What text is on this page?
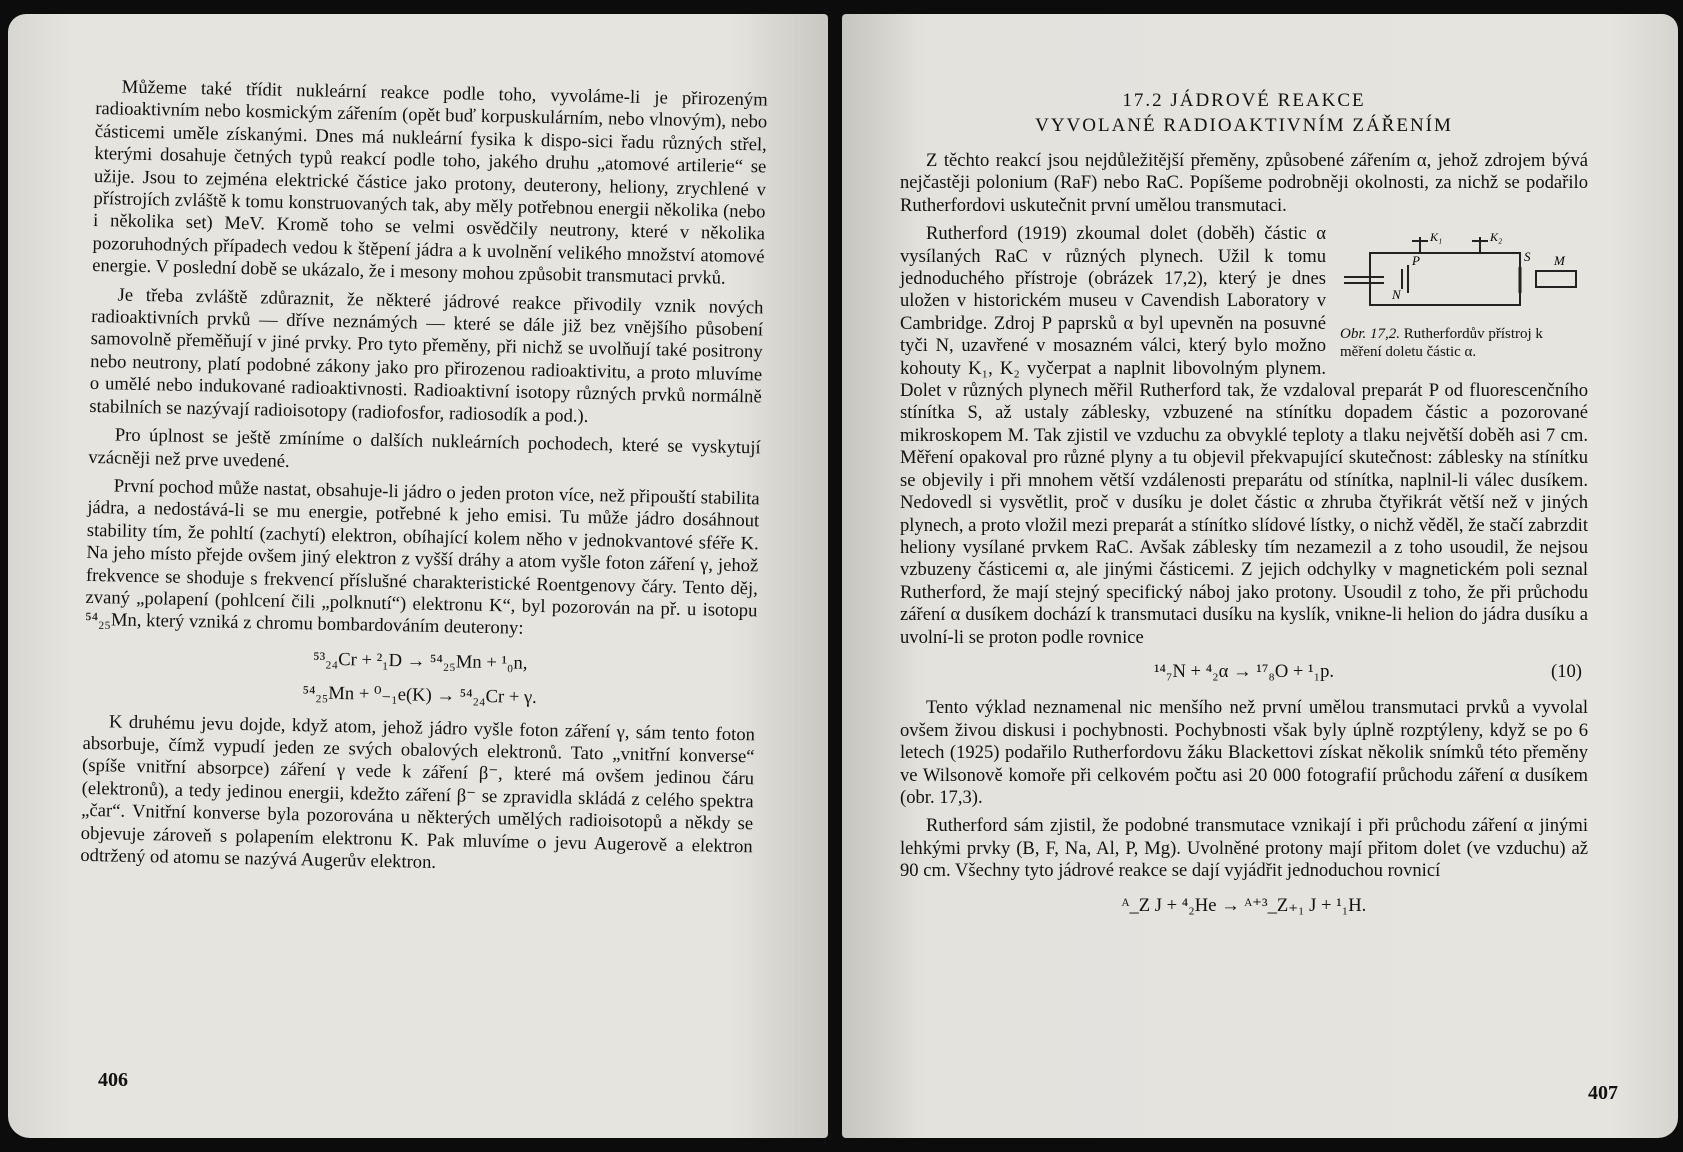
Můžeme také třídit nukleární reakce podle toho, vyvoláme-li je přirozeným radioaktivním nebo kosmickým zářením (opět buď korpuskulárním, nebo vlnovým), nebo částicemi uměle získanými. Dnes má nukleární fysika k dispo-sici řadu různých střel, kterými dosahuje četných typů reakcí podle toho, jakého druhu „atomové artilerie“ se užije. Jsou to zejména elektrické částice jako protony, deuterony, heliony, zrychlené v přístrojích zvláště k tomu konstruovaných tak, aby měly potřebnou energii několika (nebo i několika set) MeV. Kromě toho se velmi osvědčily neutrony, které v několika pozoruhodných případech vedou k štěpení jádra a k uvolnění velikého množství atomové energie. V poslední době se ukázalo, že i mesony mohou způsobit transmutaci prvků.

Je třeba zvláště zdůraznit, že některé jádrové reakce přivodily vznik nových radioaktivních prvků — dříve neznámých — které se dále již bez vnějšího působení samovolně přeměňují v jiné prvky. Pro tyto přeměny, při nichž se uvolňují také positrony nebo neutrony, platí podobné zákony jako pro přirozenou radioaktivitu, a proto mluvíme o umělé nebo indukované radioaktivnosti. Radioaktivní isotopy různých prvků normálně stabilních se nazývají radioisotopy (radiofosfor, radiosodík a pod.).

Pro úplnost se ještě zmíníme o dalších nukleárních pochodech, které se vyskytují vzácněji než prve uvedené.

První pochod může nastat, obsahuje-li jádro o jeden proton více, než připouští stabilita jádra, a nedostává-li se mu energie, potřebné k jeho emisi. Tu může jádro dosáhnout stability tím, že pohltí (zachytí) elektron, obíhající kolem něho v jednokvantové sféře K. Na jeho místo přejde ovšem jiný elektron z vyšší dráhy a atom vyšle foton záření γ, jehož frekvence se shoduje s frekvencí příslušné charakteristické Roentgenovy čáry. Tento děj, zvaný „polapení (pohlcení čili „polknutí“) elektronu K“, byl pozorován na př. u isotopu ⁵⁴₂₅Mn, který vzniká z chromu bombardováním deuterony:

⁵³₂₄Cr + ²₁D → ⁵⁴₂₅Mn + ¹₀n,
⁵⁴₂₅Mn + ⁰₋₁e(K) → ⁵⁴₂₄Cr + γ.

K druhému jevu dojde, když atom, jehož jádro vyšle foton záření γ, sám tento foton absorbuje, čímž vypudí jeden ze svých obalových elektronů. Tato „vnitřní konverse“ (spíše vnitřní absorpce) záření γ vede k záření β⁻, které má ovšem jedinou čáru (elektronů), a tedy jedinou energii, kdežto záření β⁻ se zpravidla skládá z celého spektra „čar“. Vnitřní konverse byla pozorována u některých umělých radioisotopů a někdy se objevuje zároveň s polapením elektronu K. Pak mluvíme o jevu Augerově a elektron odtržený od atomu se nazývá Augerův elektron.

406
17.2 JÁDROVÉ REAKCE
VYVOLANÉ RADIOAKTIVNÍM ZÁŘENÍM

Z těchto reakcí jsou nejdůležitější přeměny, způsobené zářením α, jehož zdrojem bývá nejčastěji polonium (RaF) nebo RaC. Popíšeme podrobněji okolnosti, za nichž se podařilo Rutherfordovi uskutečnit první umělou transmutaci.

K₁	K₂
P
N
S M
Obr. 17,2. Rutherfordův přístroj k měření doletu částic α.

Rutherford (1919) zkoumal dolet (doběh) částic α vysílaných RaC v různých plynech. Užil k tomu jednoduchého přístroje (obrázek 17,2), který je dnes uložen v historickém museu v Cavendish Laboratory v Cambridge. Zdroj P paprsků α byl upevněn na posuvné tyči N, uzavřené v mosazném válci, který bylo možno kohouty K₁, K₂ vyčerpat a naplnit libovolným plynem. Dolet v různých plynech měřil Rutherford tak, že vzdaloval preparát P od fluorescenčního stínítka S, až ustaly záblesky, vzbuzené na stínítku dopadem částic a pozorované mikroskopem M. Tak zjistil ve vzduchu za obvyklé teploty a tlaku největší doběh asi 7 cm. Měření opakoval pro různé plyny a tu objevil překvapující skutečnost: záblesky na stínítku se objevily i při mnohem větší vzdálenosti preparátu od stínítka, naplnil-li válec dusíkem. Nedovedl si vysvětlit, proč v dusíku je dolet částic α zhruba čtyřikrát větší než v jiných plynech, a proto vložil mezi preparát a stínítko slídové lístky, o nichž věděl, že stačí zabrzdit heliony vysílané prvkem RaC. Avšak záblesky tím nezamezil a z toho usoudil, že nejsou vzbuzeny částicemi α, ale jinými částicemi. Z jejich odchylky v magnetickém poli seznal Rutherford, že mají stejný specifický náboj jako protony. Usoudil z toho, že při průchodu záření α dusíkem dochází k transmutaci dusíku na kyslík, vnikne-li helion do jádra dusíku a uvolní-li se proton podle rovnice

¹⁴₇N + ⁴₂α → ¹⁷₈O + ¹₁p.	(10)

Tento výklad neznamenal nic menšího než první umělou transmutaci prvků a vyvolal ovšem živou diskusi i pochybnosti. Pochybnosti však byly úplně rozptýleny, když se po 6 letech (1925) podařilo Rutherfordovu žáku Blackettovi získat několik snímků této přeměny ve Wilsonově komoře při celkovém počtu asi 20 000 fotografií průchodu záření α dusíkem (obr. 17,3).

Rutherford sám zjistil, že podobné transmutace vznikají i při průchodu záření α jinými lehkými prvky (B, F, Na, Al, P, Mg). Uvolněné protony mají přitom dolet (ve vzduchu) až 90 cm. Všechny tyto jádrové reakce se dají vyjádřit jednoduchou rovnicí

ᴬ_Z J + ⁴₂He → ᴬ⁺³_Z₊₁ J + ¹₁H.
407
